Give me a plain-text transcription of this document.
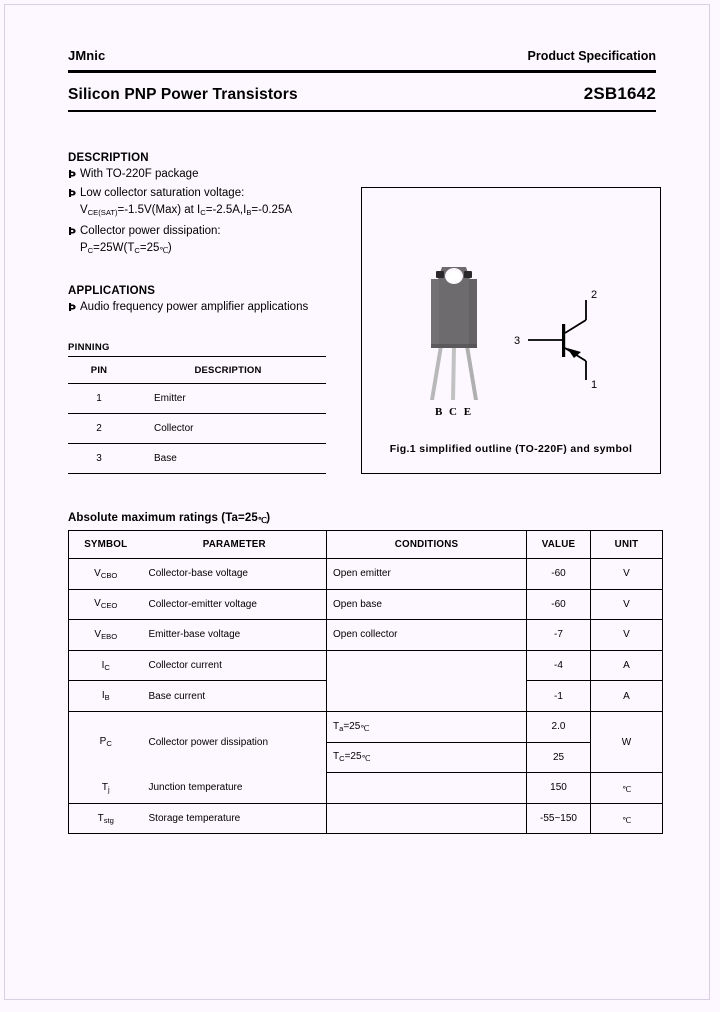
JMnic	Product Specification
Silicon PNP Power Transistors	2SB1642
DESCRIPTION
Þ With TO-220F package
Þ Low collector saturation voltage:
$V_{CE(SAT)}=-1.5V(Max)$ at $I_C=-2.5A,I_B=-0.25A$
Þ Collector power dissipation:
$P_C=25W(T_C=25℃)$
APPLICATIONS
Þ Audio frequency power amplifier applications
PINNING
PIN	DESCRIPTION
1	Emitter
2	Collector
3	Base
B C E
2
3
1
Fig.1 simplified outline (TO-220F) and symbol
Absolute maximum ratings (Ta=25℃)
SYMBOL	PARAMETER	CONDITIONS	VALUE	UNIT
$V_{CBO}$	Collector-base voltage	Open emitter	-60	V
$V_{CEO}$	Collector-emitter voltage	Open base	-60	V
$V_{EBO}$	Emitter-base voltage	Open collector	-7	V
$I_C$	Collector current		-4	A
$I_B$	Base current		-1	A
$P_C$	Collector power dissipation	$T_a=25℃$	2.0	W
		$T_C=25℃$	25	
$T_j$	Junction temperature		150	℃
$T_{stg}$	Storage temperature		-55~150	℃
